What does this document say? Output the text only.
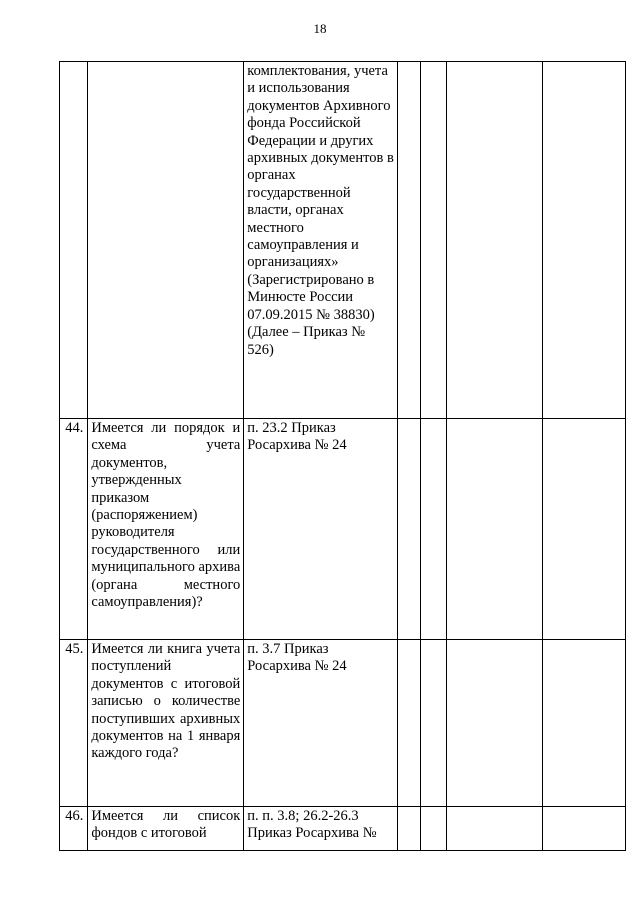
18
		комплектования, учета и использования документов Архивного фонда Российской Федерации и других архивных документов в органах государственной власти, органах местного самоуправления и организациях» (Зарегистрировано в Минюсте России 07.09.2015 № 38830) (Далее – Приказ № 526)				
44.	Имеется ли порядок и схема учета документов, утвержденных приказом (распоряжением) руководителя государственного или муниципального архива (органа местного самоуправления)?	п. 23.2 Приказ Росархива № 24				
45.	Имеется ли книга учета поступлений документов с итоговой записью о количестве поступивших архивных документов на 1 января каждого года?	п. 3.7 Приказ Росархива № 24				
46.	Имеется ли список фондов с итоговой	п. п. 3.8; 26.2-26.3 Приказ Росархива №				
